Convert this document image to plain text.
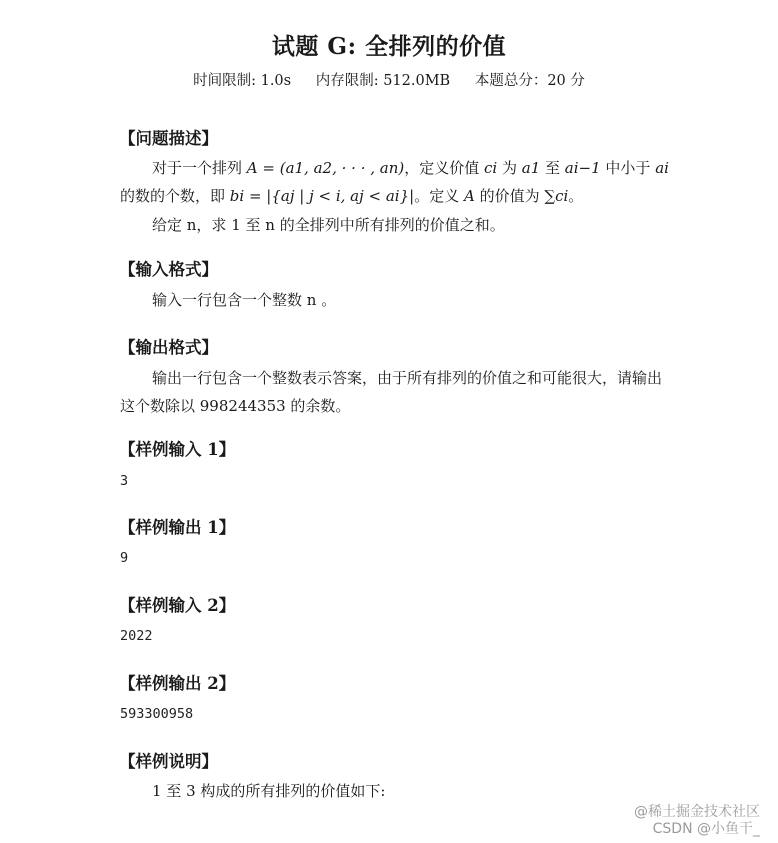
试题 G: 全排列的价值
时间限制: 1.0s 内存限制: 512.0MB 本题总分：20 分
【问题描述】
对于一个排列 A = (a1, a2, · · · , an)，定义价值 ci 为 a1 至 ai−1 中小于 ai 的数的个数，即 bi = |{aj | j < i, aj < ai}|。定义 A 的价值为 ∑ci。
给定 n，求 1 至 n 的全排列中所有排列的价值之和。
【输入格式】
输入一行包含一个整数 n 。
【输出格式】
输出一行包含一个整数表示答案，由于所有排列的价值之和可能很大，请输出这个数除以 998244353 的余数。
【样例输入 1】
3
【样例输出 1】
9
【样例输入 2】
2022
【样例输出 2】
593300958
【样例说明】
1 至 3 构成的所有排列的价值如下:
@稀土掘金技术社区
CSDN @小鱼干_
